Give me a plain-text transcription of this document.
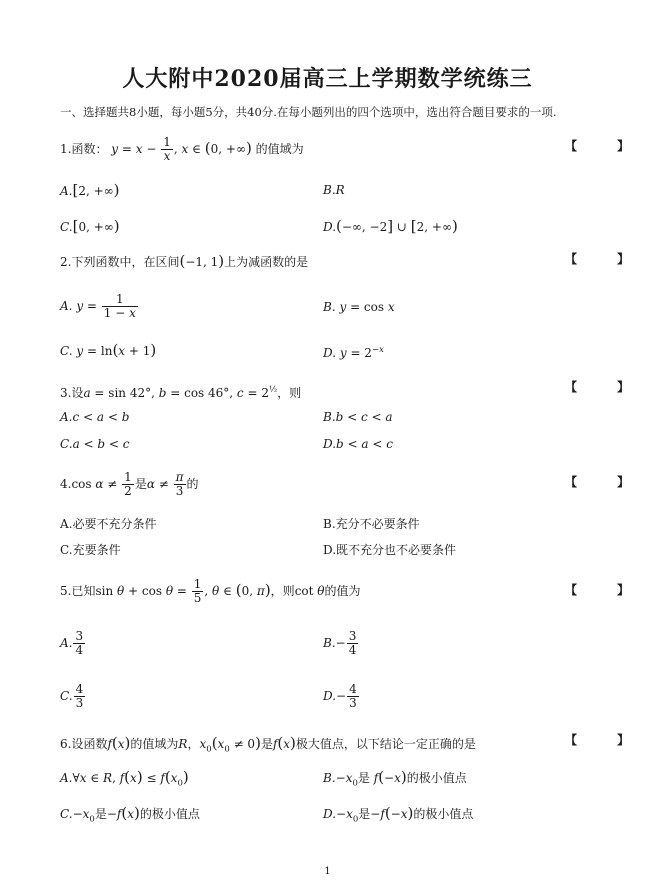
人大附中2020届高三上学期数学统练三
一、选择题共8小题，每小题5分，共40分.在每小题列出的四个选项中，选出符合题目要求的一项.
1.函数： $y = x - \frac{1}{x}$ , x ∈ (0, +∞) 的值域为	【 】
A.[2, +∞)	B.R
C.[0, +∞)	D.(−∞, −2] ∪ [2, +∞)
2.下列函数中，在区间(−1, 1)上为减函数的是	【 】
A. $y = \frac{1}{1 - x}$	B. y = cos x
C. y = ln(x + 1)	D. $y = 2^{-x}$
3.设a = sin 42°, b = cos 46°, $c = 2^{\frac{1}{2}}$，则	【 】
A.c < a < b	B.b < c < a
C.a < b < c	D.b < a < c
4.cos $\alpha \ne \frac{1}{2}$ 是$\alpha \ne \frac{\pi}{3}$ 的	【 】
A.必要不充分条件	B.充分不必要条件
C.充要条件	D.既不充分也不必要条件
5.已知$\sin \theta + \cos \theta = \frac{1}{5}$ , θ ∈ (0, π)，则cot θ的值为	【 】
A. $\frac{3}{4}$	$B.- \frac{3}{4}$
C. $\frac{4}{3}$	$D.- \frac{4}{3}$
6.设函数f(x)的值域为R，$x_0(x_0 \ne 0)$是f(x)极大值点，以下结论一定正确的是	【 】
A.∀x ∈ R, $f(x) \le f(x_0)$	$B.-x_0$是 f(−x)的极小值点
$C.-x_0$是−f(x)的极小值点	$D.-x_0$是−f(−x)的极小值点
1
